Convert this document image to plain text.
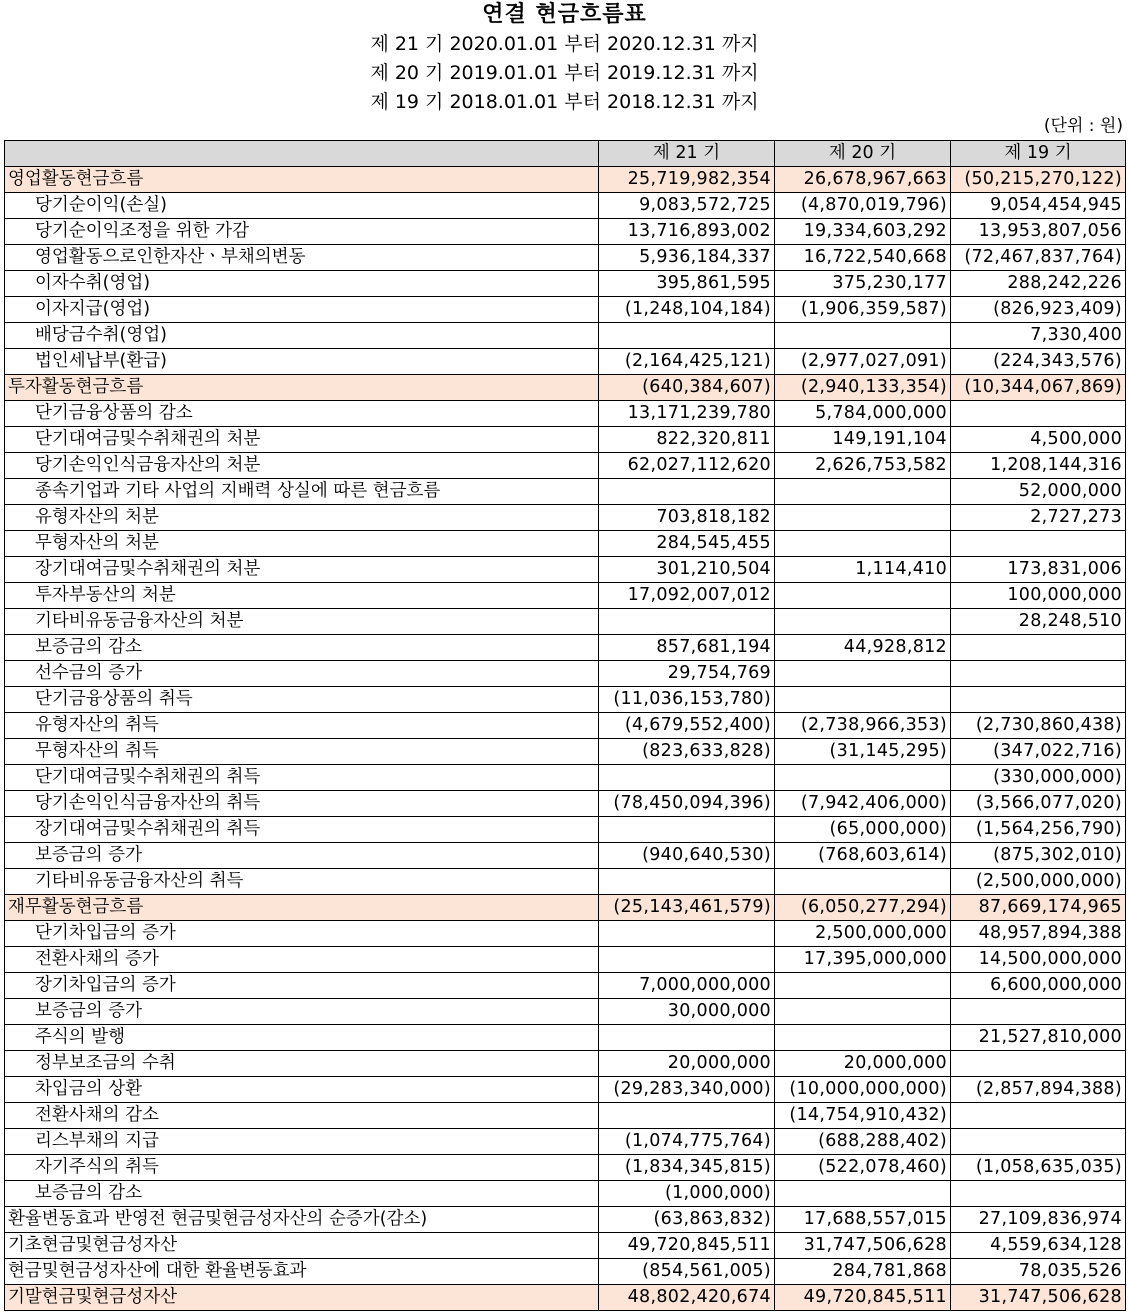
연결 현금흐름표
제 21 기 2020.01.01 부터 2020.12.31 까지
제 20 기 2019.01.01 부터 2019.12.31 까지
제 19 기 2018.01.01 부터 2018.12.31 까지
(단위 : 원)
	제 21 기	제 20 기	제 19 기
영업활동현금흐름	25,719,982,354	26,678,967,663	(50,215,270,122)
당기순이익(손실)	9,083,572,725	(4,870,019,796)	9,054,454,945
당기순이익조정을 위한 가감	13,716,893,002	19,334,603,292	13,953,807,056
영업활동으로인한자산ㆍ부채의변동	5,936,184,337	16,722,540,668	(72,467,837,764)
이자수취(영업)	395,861,595	375,230,177	288,242,226
이자지급(영업)	(1,248,104,184)	(1,906,359,587)	(826,923,409)
배당금수취(영업)			7,330,400
법인세납부(환급)	(2,164,425,121)	(2,977,027,091)	(224,343,576)
투자활동현금흐름	(640,384,607)	(2,940,133,354)	(10,344,067,869)
단기금융상품의 감소	13,171,239,780	5,784,000,000	
단기대여금및수취채권의 처분	822,320,811	149,191,104	4,500,000
당기손익인식금융자산의 처분	62,027,112,620	2,626,753,582	1,208,144,316
종속기업과 기타 사업의 지배력 상실에 따른 현금흐름			52,000,000
유형자산의 처분	703,818,182		2,727,273
무형자산의 처분	284,545,455		
장기대여금및수취채권의 처분	301,210,504	1,114,410	173,831,006
투자부동산의 처분	17,092,007,012		100,000,000
기타비유동금융자산의 처분			28,248,510
보증금의 감소	857,681,194	44,928,812	
선수금의 증가	29,754,769		
단기금융상품의 취득	(11,036,153,780)		
유형자산의 취득	(4,679,552,400)	(2,738,966,353)	(2,730,860,438)
무형자산의 취득	(823,633,828)	(31,145,295)	(347,022,716)
단기대여금및수취채권의 취득			(330,000,000)
당기손익인식금융자산의 취득	(78,450,094,396)	(7,942,406,000)	(3,566,077,020)
장기대여금및수취채권의 취득		(65,000,000)	(1,564,256,790)
보증금의 증가	(940,640,530)	(768,603,614)	(875,302,010)
기타비유동금융자산의 취득			(2,500,000,000)
재무활동현금흐름	(25,143,461,579)	(6,050,277,294)	87,669,174,965
단기차입금의 증가		2,500,000,000	48,957,894,388
전환사채의 증가		17,395,000,000	14,500,000,000
장기차입금의 증가	7,000,000,000		6,600,000,000
보증금의 증가	30,000,000		
주식의 발행			21,527,810,000
정부보조금의 수취	20,000,000	20,000,000	
차입금의 상환	(29,283,340,000)	(10,000,000,000)	(2,857,894,388)
전환사채의 감소		(14,754,910,432)	
리스부채의 지급	(1,074,775,764)	(688,288,402)	
자기주식의 취득	(1,834,345,815)	(522,078,460)	(1,058,635,035)
보증금의 감소	(1,000,000)		
환율변동효과 반영전 현금및현금성자산의 순증가(감소)	(63,863,832)	17,688,557,015	27,109,836,974
기초현금및현금성자산	49,720,845,511	31,747,506,628	4,559,634,128
현금및현금성자산에 대한 환율변동효과	(854,561,005)	284,781,868	78,035,526
기말현금및현금성자산	48,802,420,674	49,720,845,511	31,747,506,628
